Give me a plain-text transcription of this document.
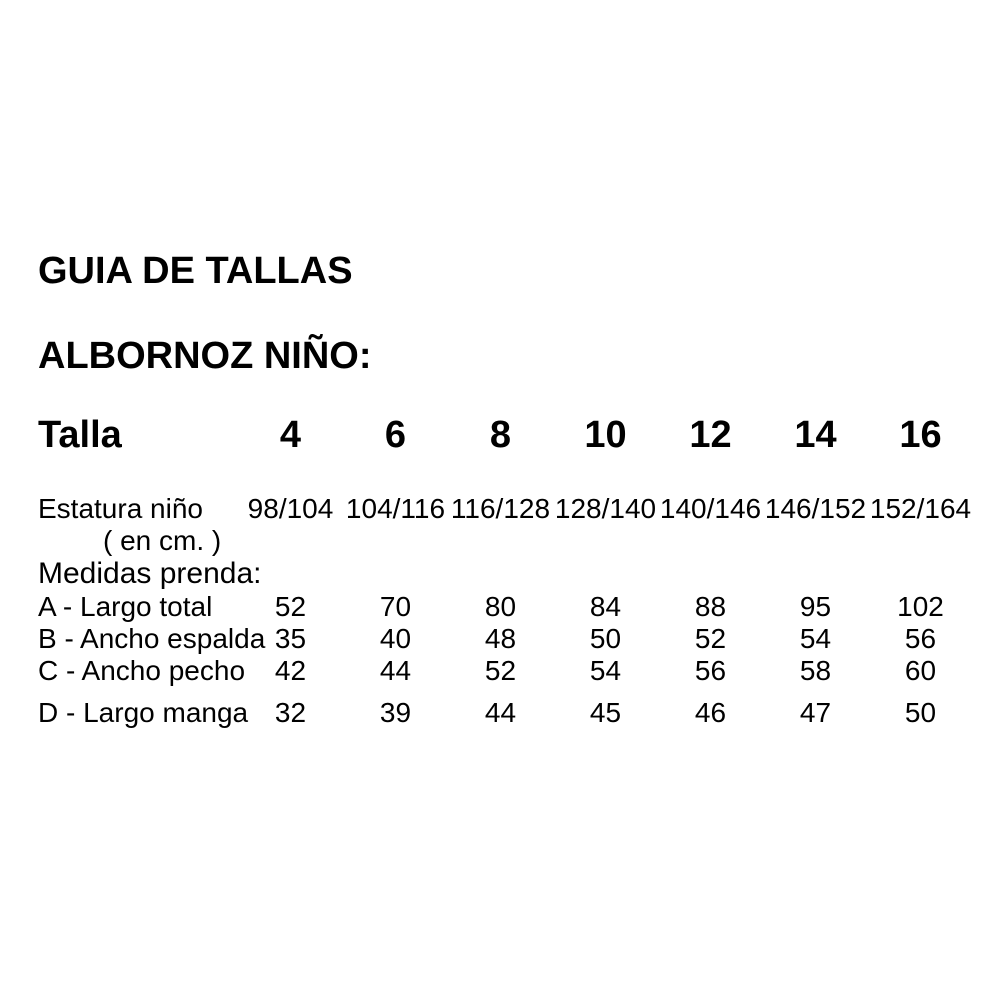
GUIA DE TALLAS
ALBORNOZ NIÑO:
Talla	4	6	8	10	12	14	16
Estatura niño	98/104 104/116 116/128 128/140 140/146 146/152 152/164
( en cm. )
Medidas prenda:
A - Largo total	52	70	80	84	88	95	102
B - Ancho espalda 35	40	48	50	52	54	56
C - Ancho pecho	42	44	52	54	56	58	60
D - Largo manga 32	39	44	45	46	47	50
